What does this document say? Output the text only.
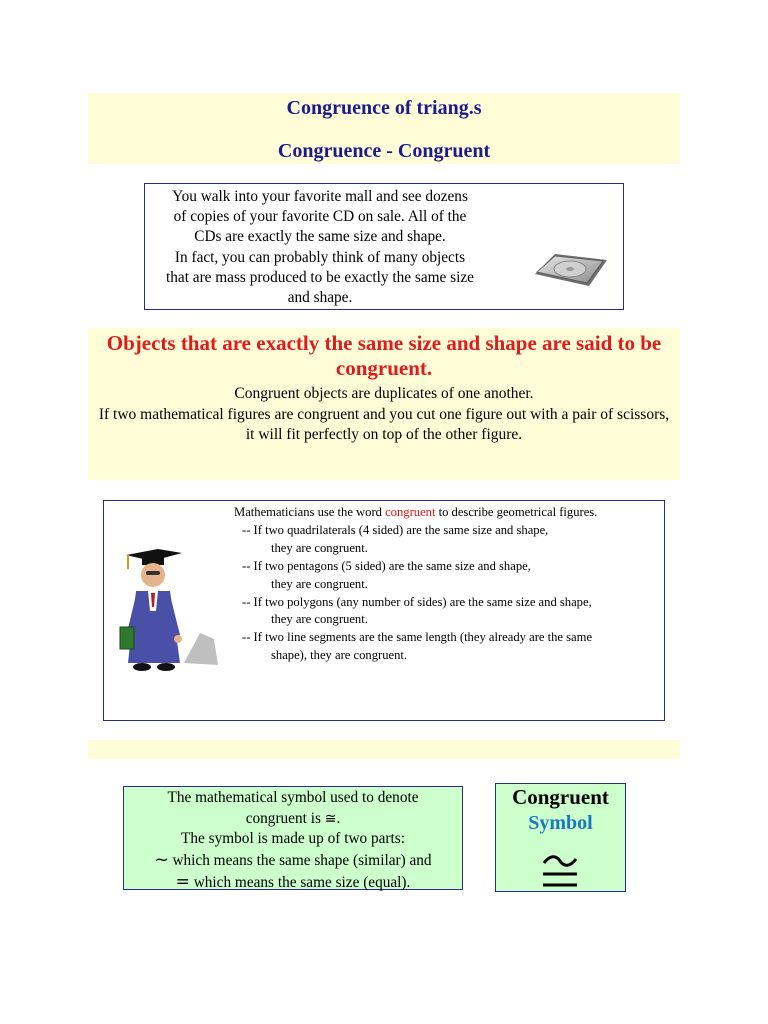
Congruence of triang.s
Congruence - Congruent
You walk into your favorite mall and see dozens
of copies of your favorite CD on sale. All of the
CDs are exactly the same size and shape.
In fact, you can probably think of many objects
that are mass produced to be exactly the same size
and shape.
Objects that are exactly the same size and shape are said to be congruent.
Congruent objects are duplicates of one another.
If two mathematical figures are congruent and you cut one figure out with a pair of scissors, it will fit perfectly on top of the other figure.
Mathematicians use the word congruent to describe geometrical figures.
-- If two quadrilaterals (4 sided) are the same size and shape,
they are congruent.
-- If two pentagons (5 sided) are the same size and shape,
they are congruent.
-- If two polygons (any number of sides) are the same size and shape,
they are congruent.
-- If two line segments are the same length (they already are the same
shape), they are congruent.
The mathematical symbol used to denote
congruent is ≅.
The symbol is made up of two parts:
~ which means the same shape (similar) and
= which means the same size (equal).
Congruent
Symbol
